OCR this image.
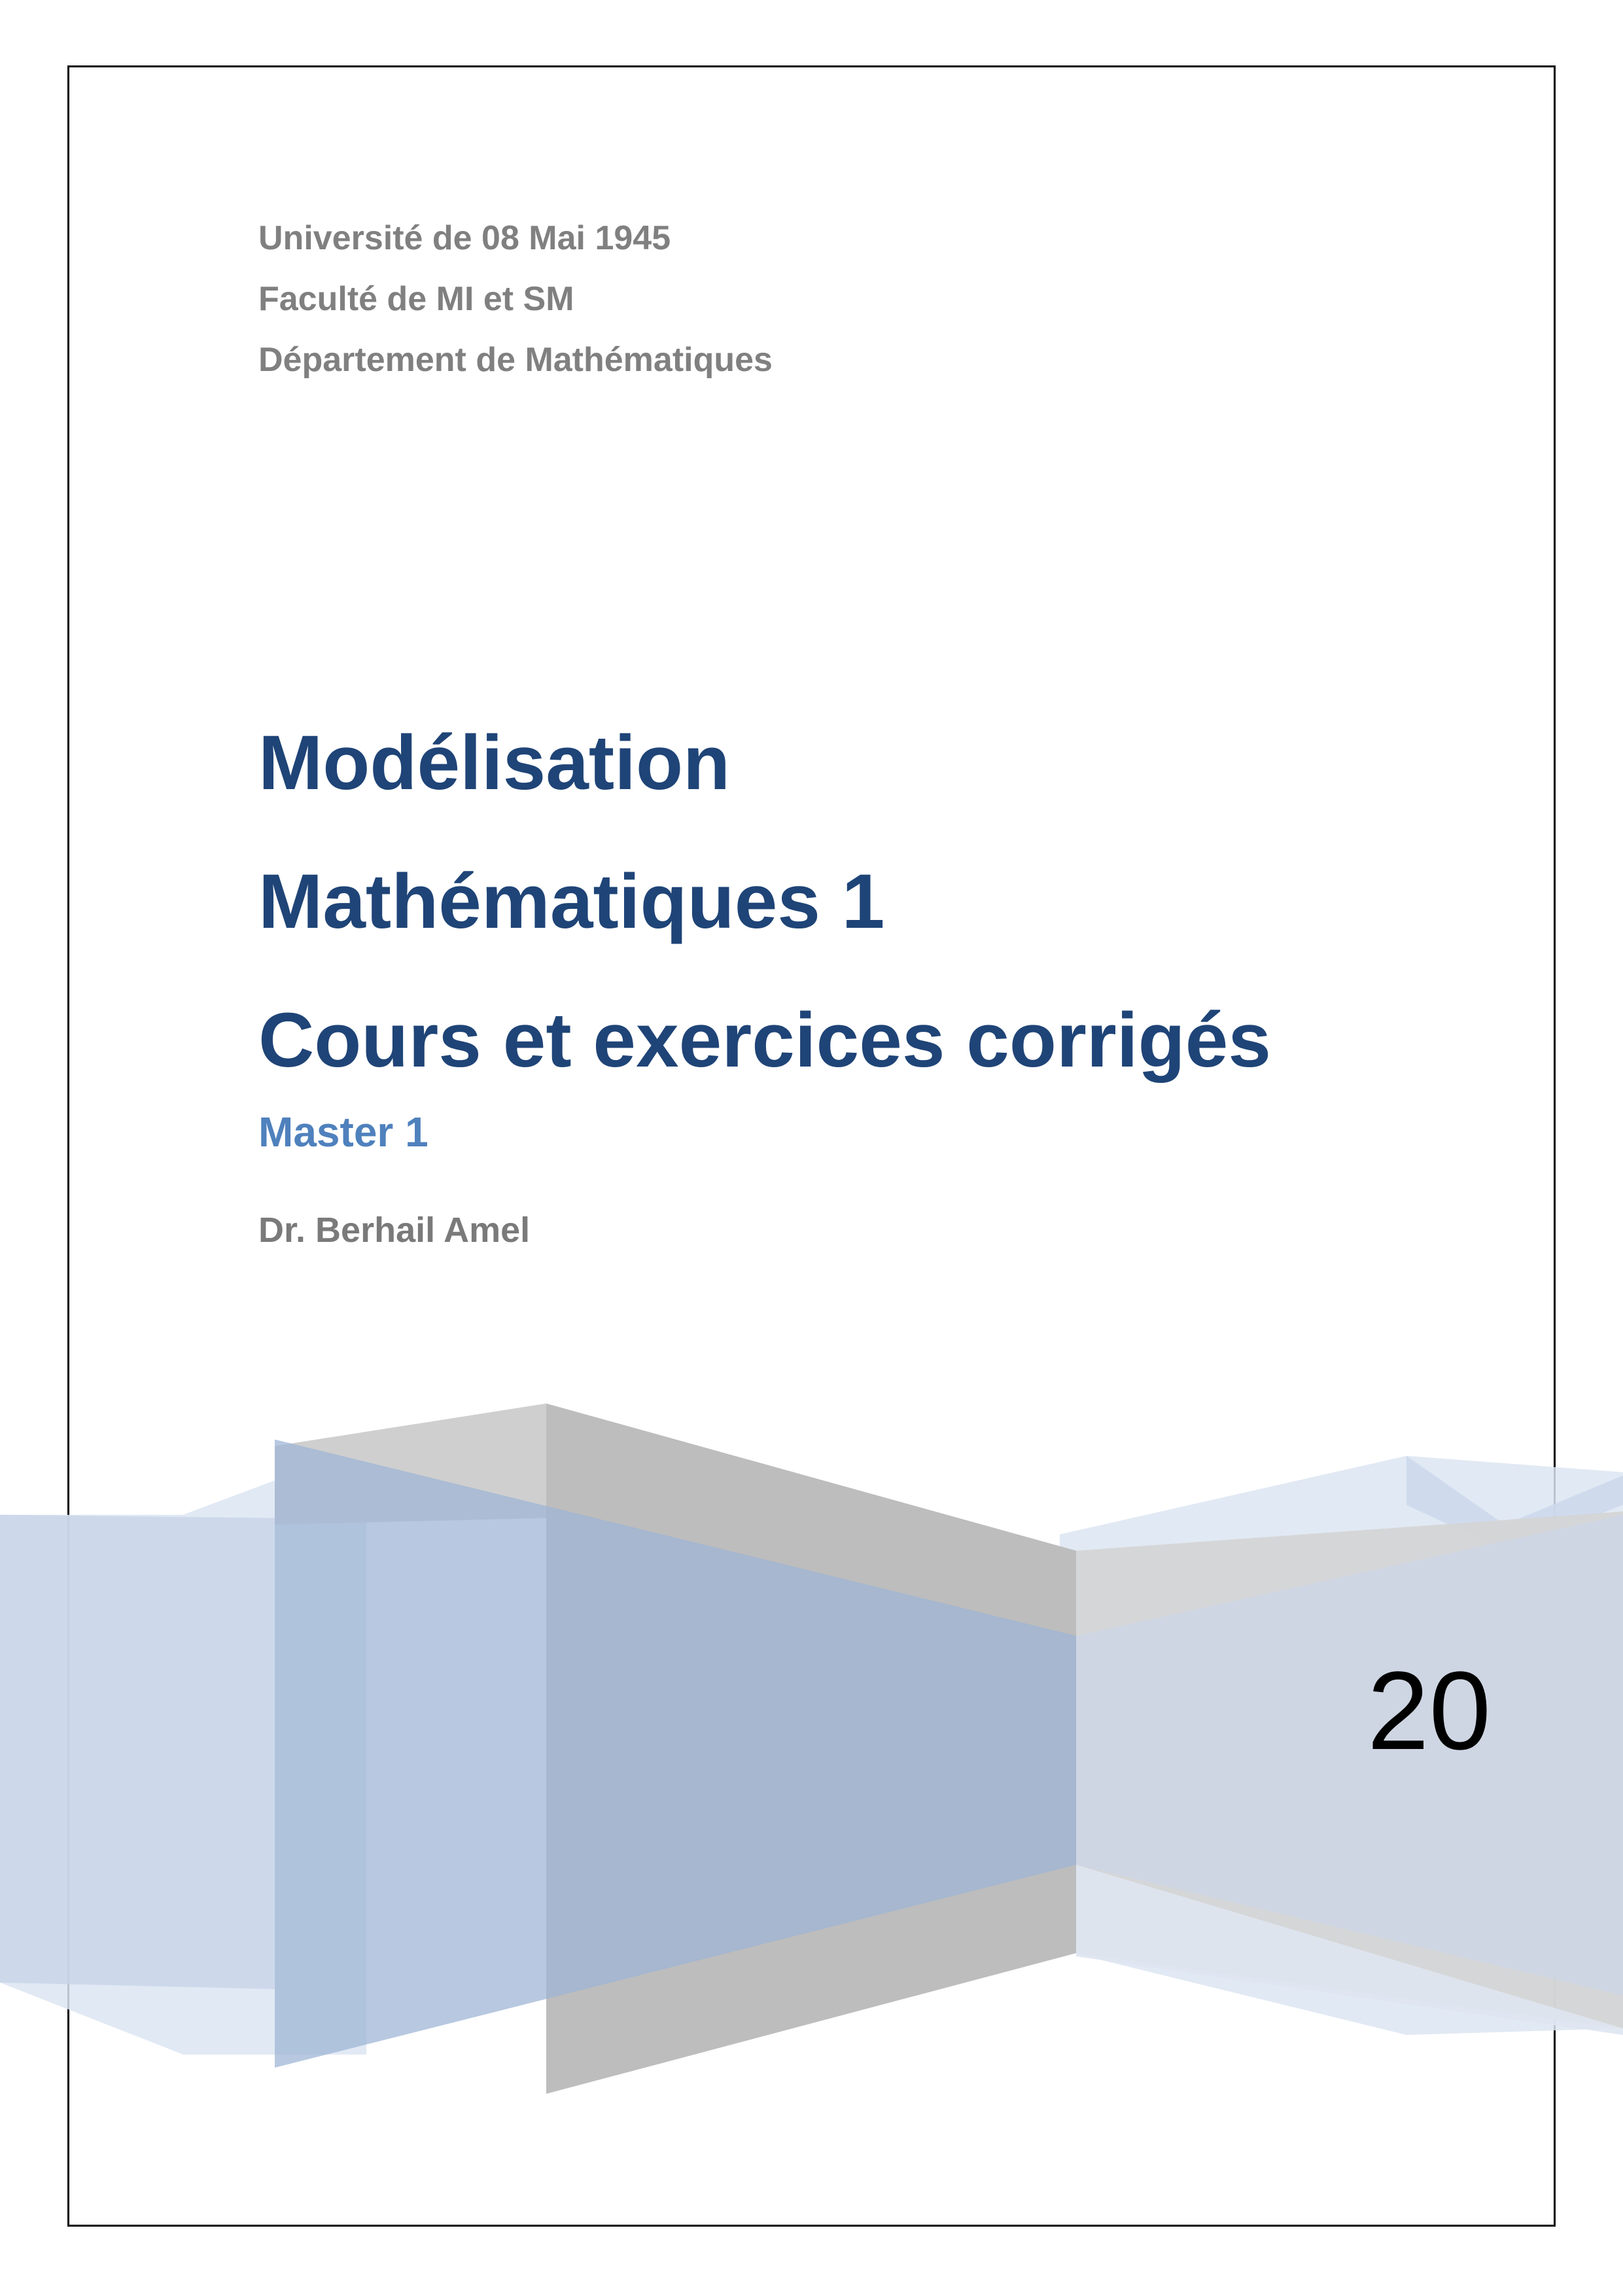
Université de 08 Mai 1945
Faculté de MI et SM
Département de Mathématiques
Modélisation
Mathématiques 1
Cours et exercices corrigés
Master 1
Dr. Berhail Amel
20
